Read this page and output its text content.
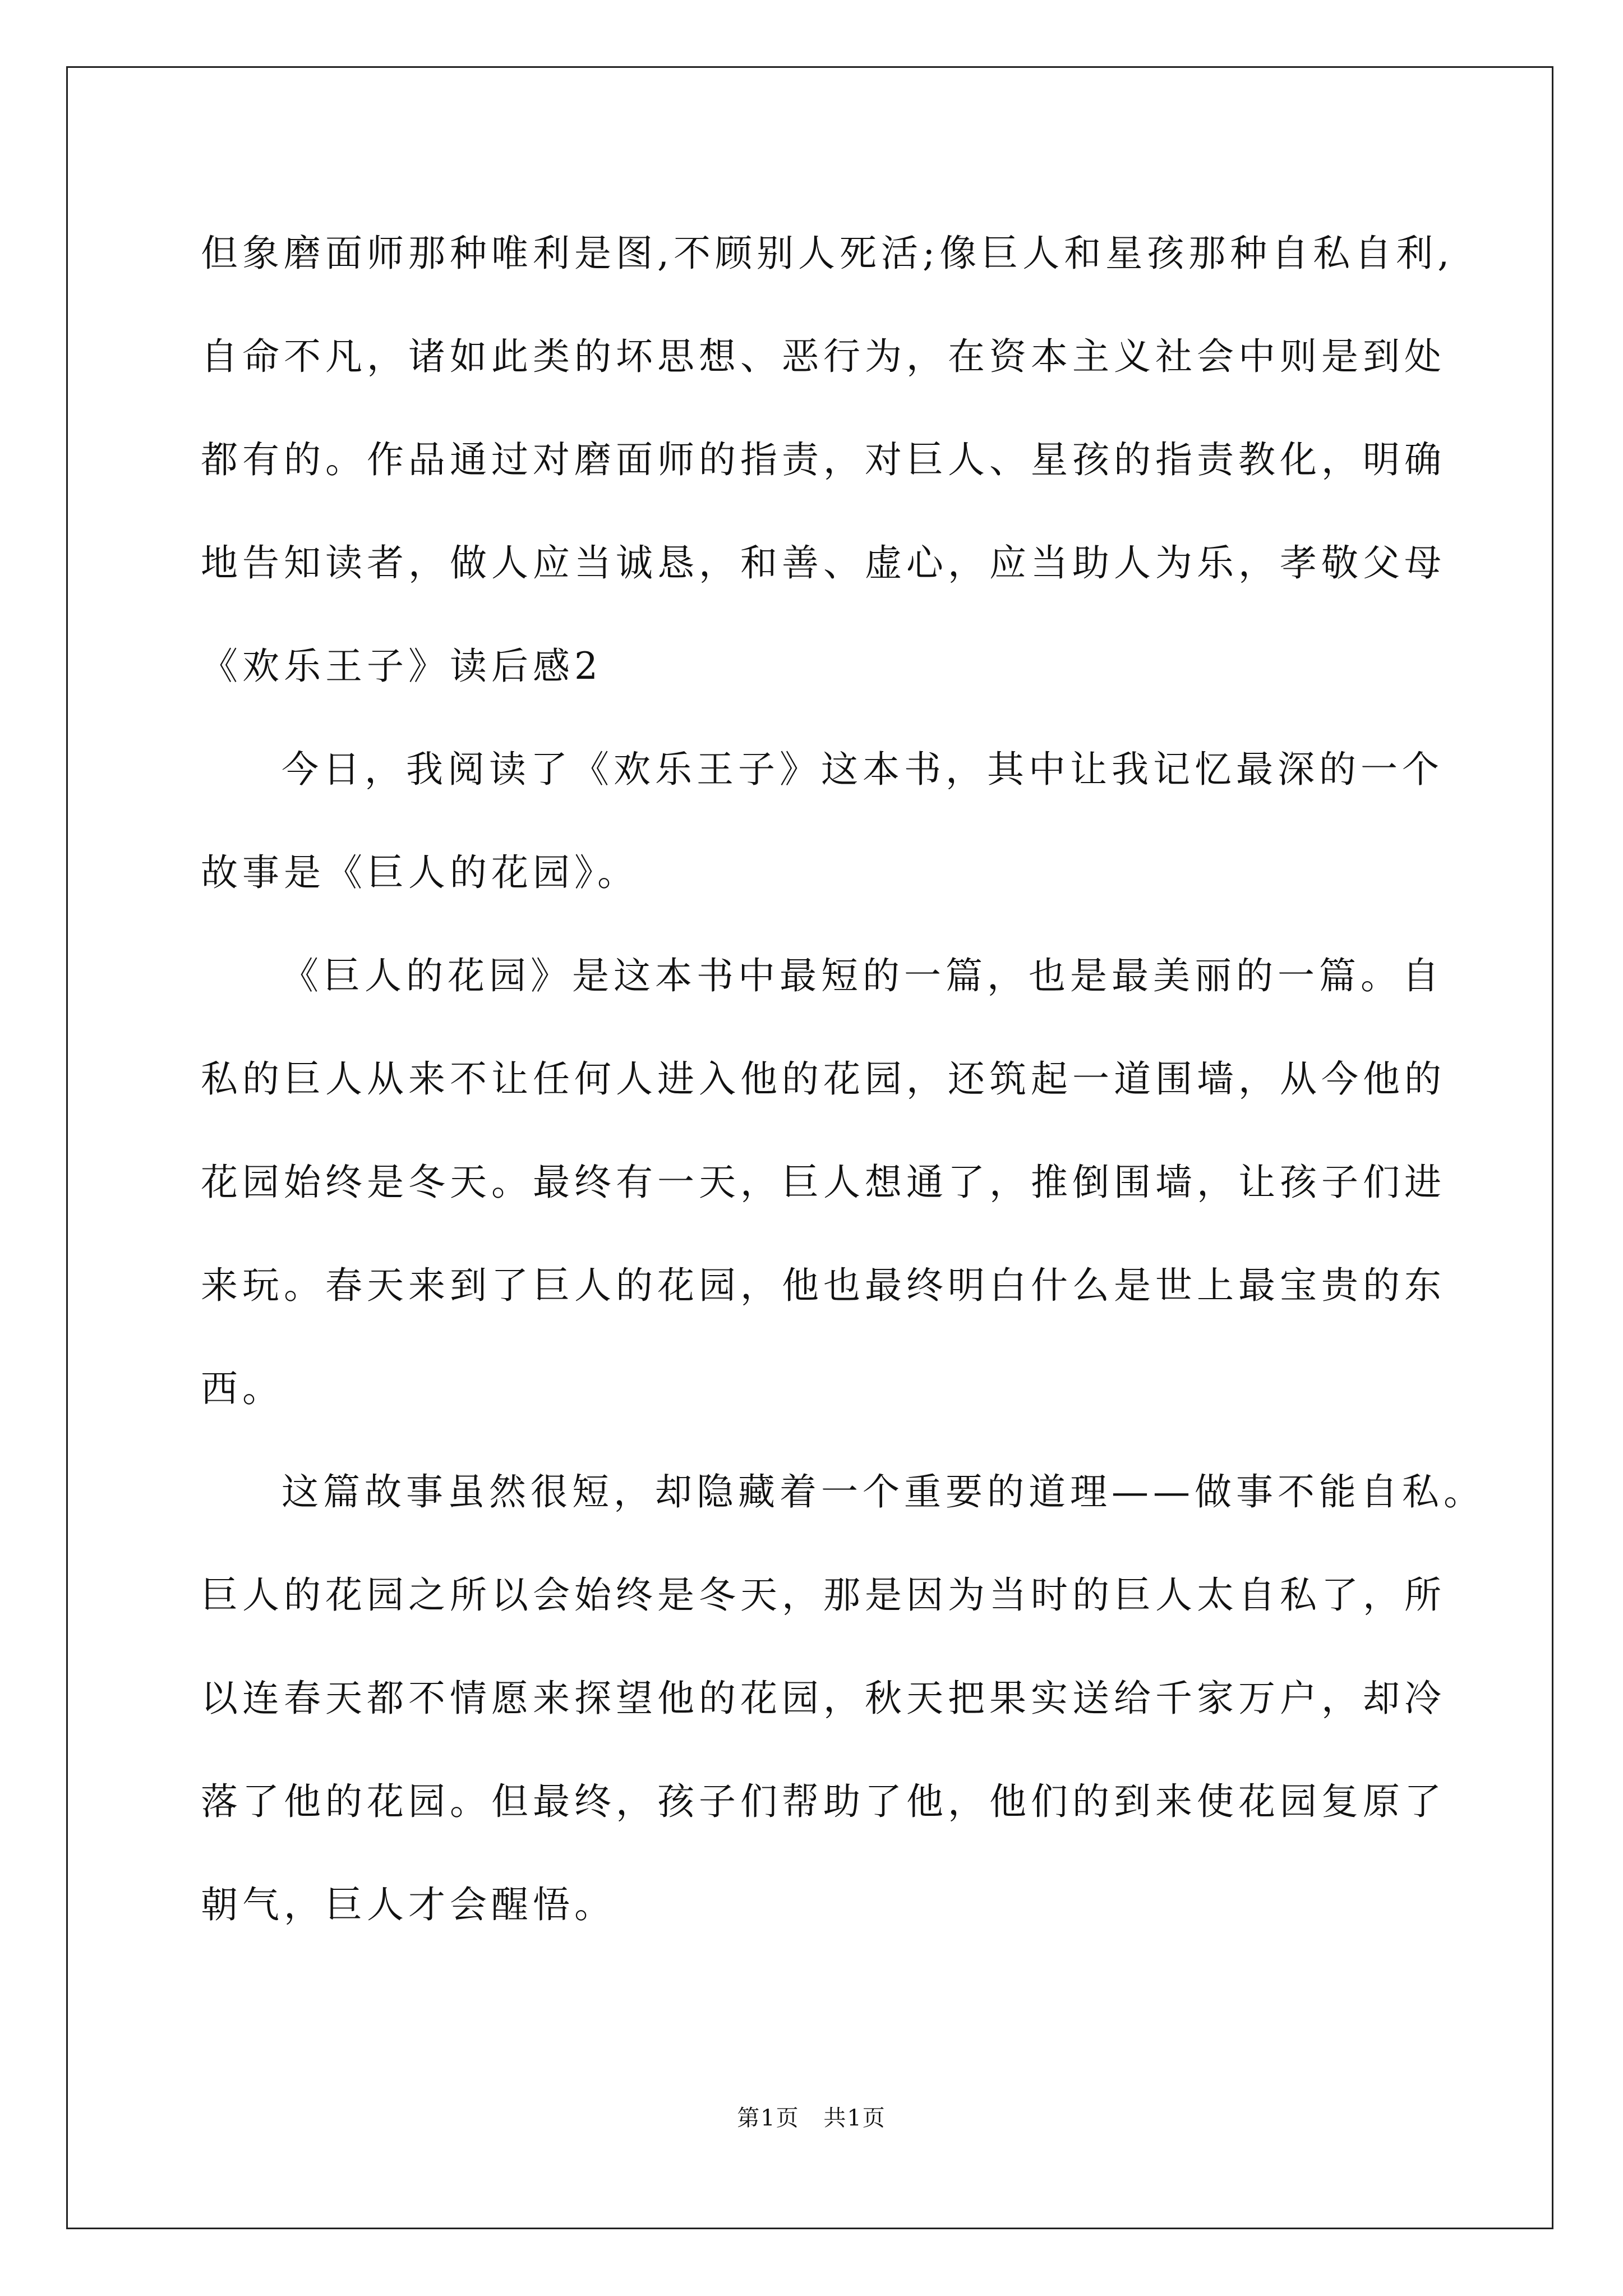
但象磨面师那种唯利是图,不顾别人死活;像巨人和星孩那种自私自利,
自命不凡，诸如此类的坏思想、恶行为，在资本主义社会中则是到处
都有的。作品通过对磨面师的指责，对巨人、星孩的指责教化，明确
地告知读者，做人应当诚恳，和善、虚心，应当助人为乐，孝敬父母
《欢乐王子》读后感2
今日，我阅读了《欢乐王子》这本书，其中让我记忆最深的一个
故事是《巨人的花园》。
《巨人的花园》是这本书中最短的一篇，也是最美丽的一篇。自
私的巨人从来不让任何人进入他的花园，还筑起一道围墙，从今他的
花园始终是冬天。最终有一天，巨人想通了，推倒围墙，让孩子们进
来玩。春天来到了巨人的花园，他也最终明白什么是世上最宝贵的东
西。
这篇故事虽然很短，却隐藏着一个重要的道理——做事不能自私。
巨人的花园之所以会始终是冬天，那是因为当时的巨人太自私了，所
以连春天都不情愿来探望他的花园，秋天把果实送给千家万户，却冷
落了他的花园。但最终，孩子们帮助了他，他们的到来使花园复原了
朝气，巨人才会醒悟。
第1页 共1页
